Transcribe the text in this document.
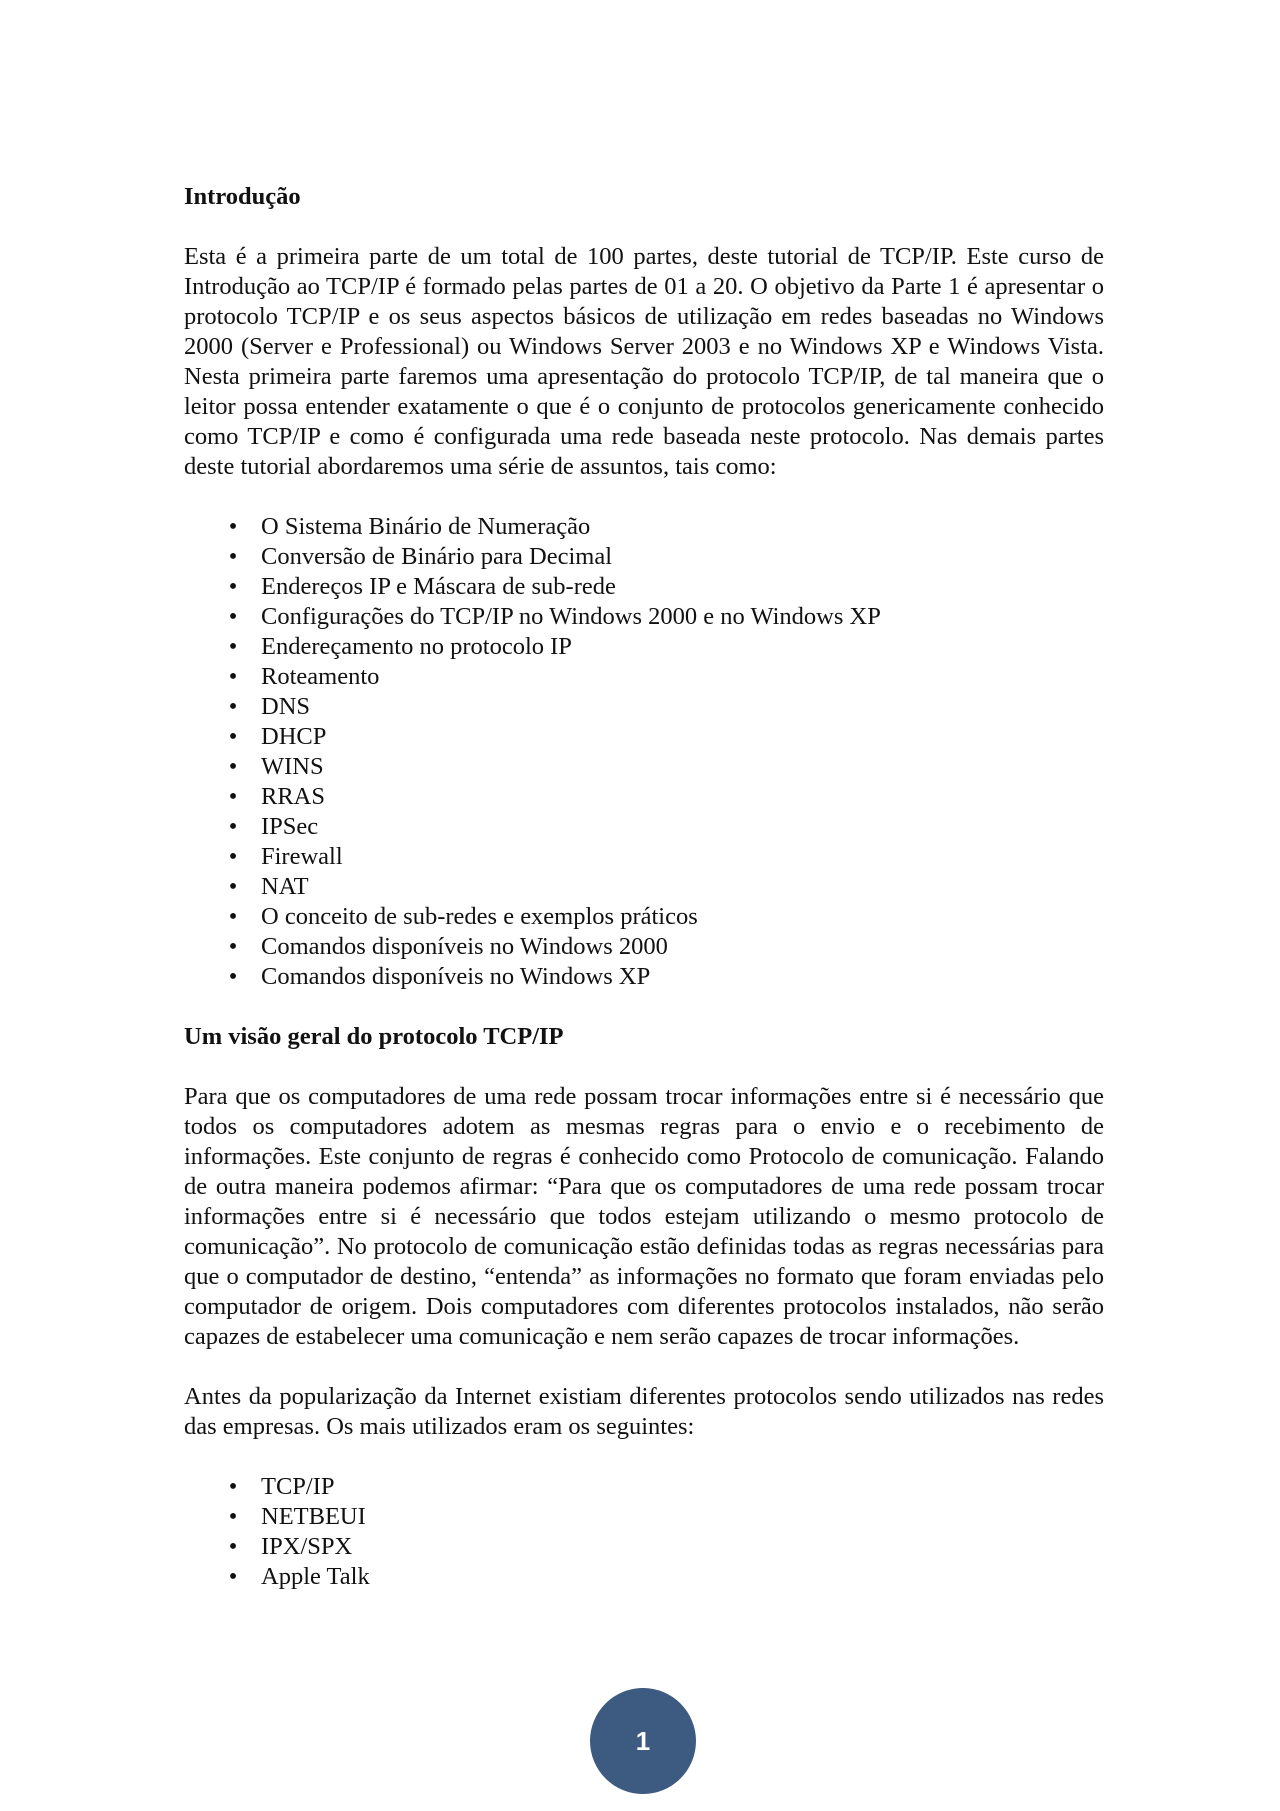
Introdução

Esta é a primeira parte de um total de 100 partes, deste tutorial de TCP/IP. Este curso de Introdução ao TCP/IP é formado pelas partes de 01 a 20. O objetivo da Parte 1 é apresentar o protocolo TCP/IP e os seus aspectos básicos de utilização em redes baseadas no Windows 2000 (Server e Professional) ou Windows Server 2003 e no Windows XP e Windows Vista. Nesta primeira parte faremos uma apresentação do protocolo TCP/IP, de tal maneira que o leitor possa entender exatamente o que é o conjunto de protocolos genericamente conhecido como TCP/IP e como é configurada uma rede baseada neste protocolo. Nas demais partes deste tutorial abordaremos uma série de assuntos, tais como:

• O Sistema Binário de Numeração
• Conversão de Binário para Decimal
• Endereços IP e Máscara de sub-rede
• Configurações do TCP/IP no Windows 2000 e no Windows XP
• Endereçamento no protocolo IP
• Roteamento
• DNS
• DHCP
• WINS
• RRAS
• IPSec
• Firewall
• NAT
• O conceito de sub-redes e exemplos práticos
• Comandos disponíveis no Windows 2000
• Comandos disponíveis no Windows XP
Um visão geral do protocolo TCP/IP

Para que os computadores de uma rede possam trocar informações entre si é necessário que todos os computadores adotem as mesmas regras para o envio e o recebimento de informações. Este conjunto de regras é conhecido como Protocolo de comunicação. Falando de outra maneira podemos afirmar: “Para que os computadores de uma rede possam trocar informações entre si é necessário que todos estejam utilizando o mesmo protocolo de comunicação”. No protocolo de comunicação estão definidas todas as regras necessárias para que o computador de destino, “entenda” as informações no formato que foram enviadas pelo computador de origem. Dois computadores com diferentes protocolos instalados, não serão capazes de estabelecer uma comunicação e nem serão capazes de trocar informações.

Antes da popularização da Internet existiam diferentes protocolos sendo utilizados nas redes das empresas. Os mais utilizados eram os seguintes:

• TCP/IP
• NETBEUI
• IPX/SPX
• Apple Talk
1
